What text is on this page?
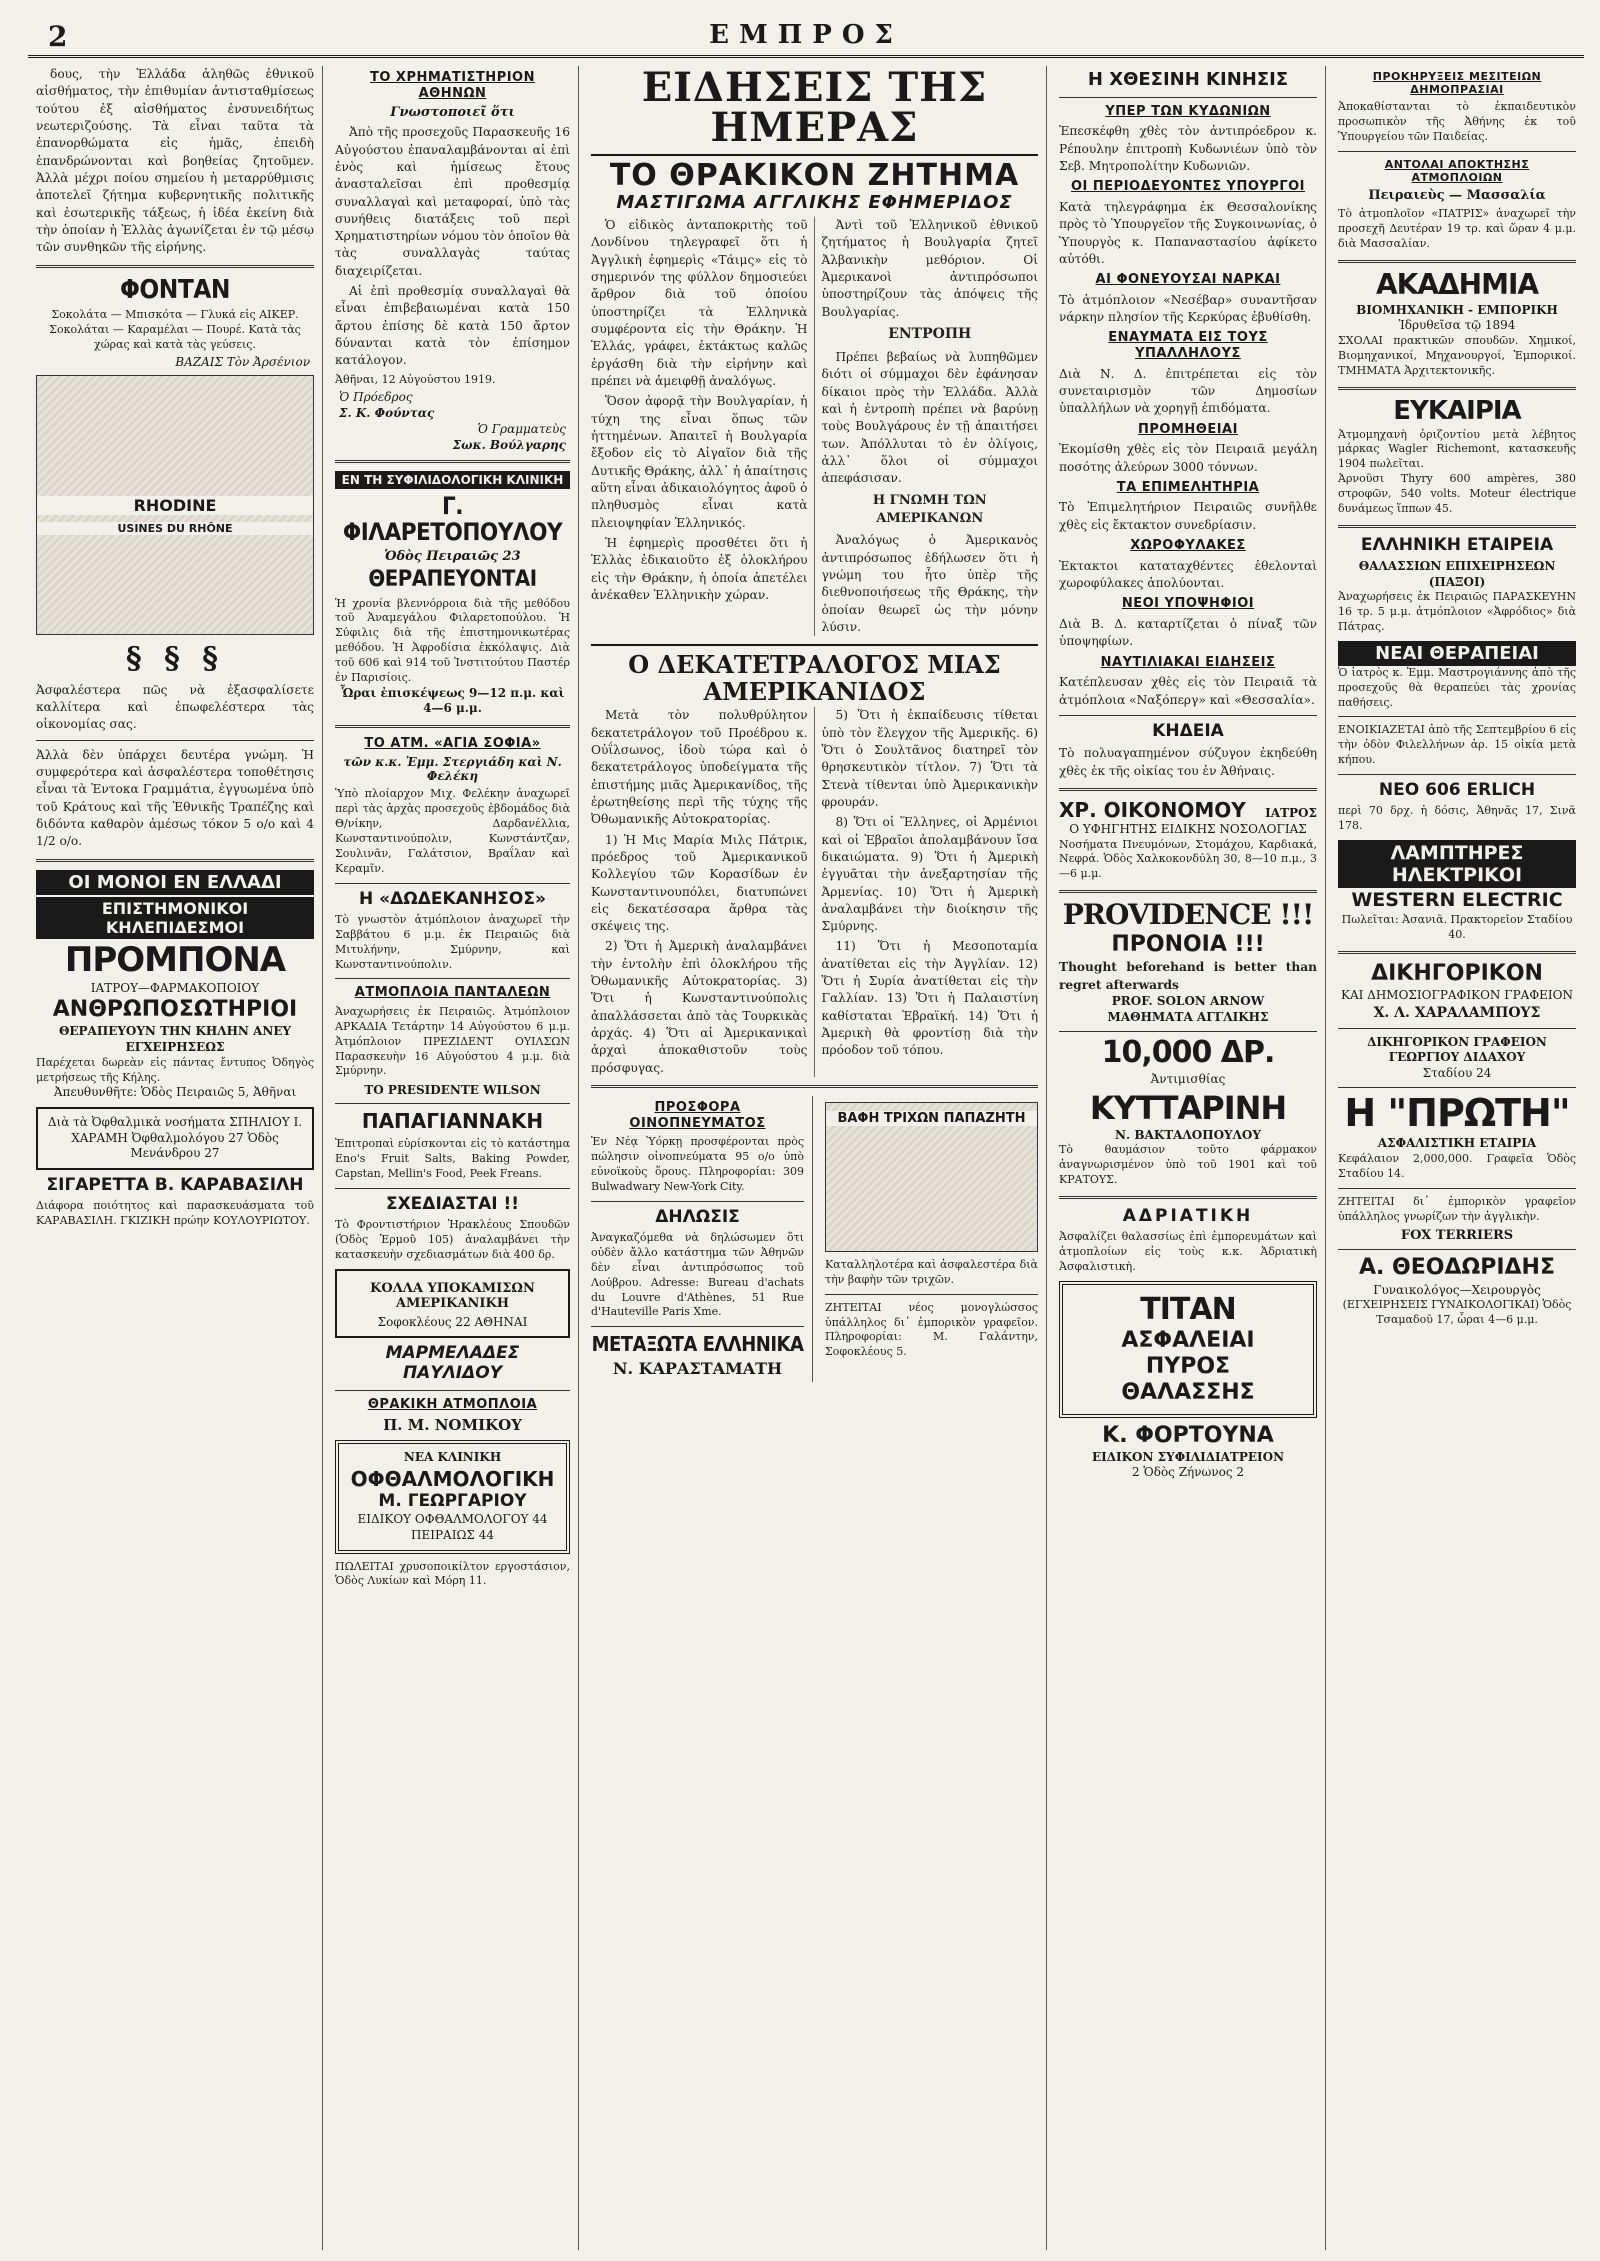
2	ΕΜΠΡΟΣ

δους, τὴν Ἑλλάδα ἀληθῶς ἐθνικοῦ αἰσθήματος, τὴν ἐπιθυμίαν ἀντισταθμίσεως τούτου ἐξ αἰσθήματος ἐνσυνειδήτως νεωτεριζούσης. Τὰ εἶναι ταῦτα τὰ ἐπανορθώματα εἰς ἡμᾶς, ἐπειδὴ ἐπανδρώνονται καὶ βοηθείας ζητοῦμεν. Ἀλλὰ μέχρι ποίου σημείου ἡ μεταρρύθμισις ἀποτελεῖ ζήτημα κυβερνητικῆς πολιτικῆς καὶ ἐσωτερικῆς τάξεως, ἡ ἰδέα ἐκείνη διὰ τὴν ὁποίαν ἡ Ἑλλὰς ἀγωνίζεται ἐν τῷ μέσῳ τῶν συνθηκῶν τῆς εἰρήνης.

ΦΟΝΤΑΝ
Σοκολάτα — Μπισκότα — Γλυκά εἰς ΑΙΚΕΡ. Σοκολάται — Καραμέλαι — Πουρέ. Κατὰ τὰς χώρας καὶ κατὰ τὰς γεύσεις.
ΒΑΖΑΙΣ Τὸν Ἀρσένιον
RHODINE
USINES DU RHÔNE
§ § §
Ἀσφαλέστερα πῶς νὰ ἐξασφαλίσετε καλλίτερα καὶ ἐπωφελέστερα τὰς οἰκονομίας σας.
Ἀλλὰ δὲν ὑπάρχει δευτέρα γνώμη. Ἡ συμφερότερα καὶ ἀσφαλέστερα τοποθέτησις εἶναι τὰ Ἐντοκα Γραμμάτια, ἐγγυωμένα ὑπὸ τοῦ Κράτους καὶ τῆς Ἐθνικῆς Τραπέζης καὶ διδόντα καθαρὸν ἀμέσως τόκον 5 ο/ο καὶ 4 1/2 ο/ο.
ΟΙ ΜΟΝΟΙ ΕΝ ΕΛΛΑΔΙ
ΕΠΙΣΤΗΜΟΝΙΚΟΙ ΚΗΛΕΠΙΔΕΣΜΟΙ
ΠΡΟΜΠΟΝΑ
ΙΑΤΡΟΥ—ΦΑΡΜΑΚΟΠΟΙΟΥ
ΑΝΘΡΩΠΟΣΩΤΗΡΙΟΙ
ΘΕΡΑΠΕΥΟΥΝ ΤΗΝ ΚΗΛΗΝ ΑΝΕΥ ΕΓΧΕΙΡΗΣΕΩΣ
Παρέχεται δωρεὰν εἰς πάντας ἔντυπος Ὀδηγὸς μετρήσεως τῆς Κήλης.
Ἀπευθυνθῆτε: Ὁδὸς Πειραιῶς 5, Ἀθῆναι
Διὰ τὰ Ὀφθαλμικὰ νοσήματα ΣΠΗΛΙΟΥ Ι. ΧΑΡΑΜΗ Ὀφθαλμολόγου 27 Ὁδὸς Μενάνδρου 27
ΣΙΓΑΡΕΤΤΑ Β. ΚΑΡΑΒΑΣΙΛΗ
Διάφορα ποιότητος καὶ παρασκευάσματα τοῦ ΚΑΡΑΒΑΣΙΛΗ. ΓΚΙΖΙΚΗ πρώην ΚΟΥΛΟΥΡΙΩΤΟΥ.
ΤΟ ΧΡΗΜΑΤΙΣΤΗΡΙΟΝ ΑΘΗΝΩΝ
Γνωστοποιεῖ ὅτι

Ἀπὸ τῆς προσεχοῦς Παρασκευῆς 16 Αὐγούστου ἐπαναλαμβάνονται αἱ ἐπὶ ἑνὸς καὶ ἡμίσεως ἔτους ἀνασταλεῖσαι ἐπὶ προθεσμίᾳ συναλλαγαὶ καὶ μεταφοραί, ὑπὸ τὰς συνήθεις διατάξεις τοῦ περὶ Χρηματιστηρίων νόμου τὸν ὁποῖον θὰ τὰς συναλλαγὰς ταύτας διαχειρίζεται.

Αἱ ἐπὶ προθεσμίᾳ συναλλαγαὶ θὰ εἶναι ἐπιβεβαιωμέναι κατὰ 150 ἄρτου ἐπίσης δὲ κατὰ 150 ἄρτον δύνανται κατὰ τὸν ἐπίσημον κατάλογον.

Ἀθῆναι, 12 Αὐγούστου 1919.
Ὁ Πρόεδρος
Σ. Κ. Φούντας
Ὁ Γραμματεὺς
Σωκ. Βούλγαρης
ΕΝ ΤΗ ΣΥΦΙΛΙΔΟΛΟΓΙΚΗ ΚΛΙΝΙΚΗ
Γ. ΦΙΛΑΡΕΤΟΠΟΥΛΟΥ
Ὁδὸς Πειραιῶς 23
ΘΕΡΑΠΕΥΟΝΤΑΙ
Ἡ χρονία βλεννόρροια διὰ τῆς μεθόδου τοῦ Ἀναμεγάλου Φιλαρετοπούλου. Ἡ Σύφιλις διὰ τῆς ἐπιστημονικωτέρας μεθόδου. Ἡ Ἀφροδίσια ἐκκόλαψις. Διὰ τοῦ 606 καὶ 914 τοῦ Ἰνστιτούτου Παστέρ ἐν Παρισίοις.
Ὧραι ἐπισκέψεως 9—12 π.μ. καὶ 4—6 μ.μ.
ΤΟ ΑΤΜ. «ΑΓΙΑ ΣΟΦΙΑ»
τῶν κ.κ. Ἐμμ. Στεργιάδη καὶ Ν. Φελέκη
Ὑπὸ πλοίαρχον Μιχ. Φελέκην ἀναχωρεῖ περὶ τὰς ἀρχὰς προσεχοῦς ἑβδομάδος διὰ Θ/νίκην, Δαρδανέλλια, Κωνσταντινούπολιν, Κωνστάντζαν, Σουλινᾶν, Γαλάτσιον, Βραΐλαν καὶ Κεραμῖν.
Η «ΔΩΔΕΚΑΝΗΣΟΣ»
Τὸ γνωστὸν ἀτμόπλοιον ἀναχωρεῖ τὴν Σαββάτου 6 μ.μ. ἐκ Πειραιῶς διὰ Μιτυλήνην, Σμύρνην, καὶ Κωνσταντινούπολιν.
ΑΤΜΟΠΛΟΙΑ ΠΑΝΤΑΛΕΩΝ
Ἀναχωρήσεις ἐκ Πειραιῶς. Ἀτμόπλοιον ΑΡΚΑΔΙΑ Τετάρτην 14 Αὐγούστου 6 μ.μ. Ἀτμόπλοιον ΠΡΕΖΙΔΕΝΤ ΟΥΙΛΣΩΝ Παρασκευὴν 16 Αὐγούστου 4 μ.μ. διὰ Σμύρνην.
ΤΟ PRESIDENTE WILSON
ΠΑΠΑΓΙΑΝΝΑΚΗ
Ἐπιτροπαὶ εὑρίσκονται εἰς τὸ κατάστημα Eno's Fruit Salts, Baking Powder, Capstan, Mellin's Food, Peek Freans.
ΣΧΕΔΙΑΣΤΑΙ !!
Τὸ Φροντιστήριον Ἡρακλέους Σπουδῶν (Ὁδὸς Ἑρμοῦ 105) ἀναλαμβάνει τὴν κατασκευὴν σχεδιασμάτων διὰ 400 δρ.
ΚΟΛΛΑ ΥΠΟΚΑΜΙΣΩΝ ΑΜΕΡΙΚΑΝΙΚΗ
Σοφοκλέους 22 ΑΘΗΝΑΙ
ΜΑΡΜΕΛΑΔΕΣ ΠΑΥΛΙΔΟΥ
ΘΡΑΚΙΚΗ ΑΤΜΟΠΛΟΙΑ
Π. Μ. ΝΟΜΙΚΟΥ
ΝΕΑ ΚΛΙΝΙΚΗ
ΟΦΘΑΛΜΟΛΟΓΙΚΗ
Μ. ΓΕΩΡΓΑΡΙΟΥ
ΕΙΔΙΚΟΥ ΟΦΘΑΛΜΟΛΟΓΟΥ 44 ΠΕΙΡΑΙΩΣ 44
ΠΩΛΕΙΤΑΙ χρυσοποικίλτον εργοστάσιον, Ὁδὸς Λυκίων καὶ Μόρη 11.
ΕΙΔΗΣΕΙΣ ΤΗΣ ΗΜΕΡΑΣ
ΤΟ ΘΡΑΚΙΚΟΝ ΖΗΤΗΜΑ
ΜΑΣΤΙΓΩΜΑ ΑΓΓΛΙΚΗΣ ΕΦΗΜΕΡΙΔΟΣ

Ὁ εἰδικὸς ἀνταποκριτὴς τοῦ Λονδίνου τηλεγραφεῖ ὅτι ἡ Ἀγγλικὴ ἐφημερὶς «Τάιμς» εἰς τὸ σημερινόν της φύλλον δημοσιεύει ἄρθρον διὰ τοῦ ὁποίου ὑποστηρίζει τὰ Ἑλληνικὰ συμφέροντα εἰς τὴν Θράκην. Ἡ Ἑλλάς, γράφει, ἐκτάκτως καλῶς ἐργάσθη διὰ τὴν εἰρήνην καὶ πρέπει νὰ ἀμειφθῇ ἀναλόγως.

Ὅσον ἀφορᾷ τὴν Βουλγαρίαν, ἡ τύχη της εἶναι ὅπως τῶν ἡττημένων. Ἀπαιτεῖ ἡ Βουλγαρία ἔξοδον εἰς τὸ Αἰγαῖον διὰ τῆς Δυτικῆς Θράκης, ἀλλ᾽ ἡ ἀπαίτησις αὕτη εἶναι ἀδικαιολόγητος ἀφοῦ ὁ πληθυσμὸς εἶναι κατὰ πλειοψηφίαν Ἑλληνικός.

Ἡ ἐφημερὶς προσθέτει ὅτι ἡ Ἑλλὰς ἐδικαιοῦτο ἐξ ὁλοκλήρου εἰς τὴν Θράκην, ἡ ὁποία ἀπετέλει ἀνέκαθεν Ἑλληνικὴν χώραν.

Ἀντὶ τοῦ Ἑλληνικοῦ ἐθνικοῦ ζητήματος ἡ Βουλγαρία ζητεῖ Ἀλβανικὴν μεθόριον. Οἱ Ἀμερικανοὶ ἀντιπρόσωποι ὑποστηρίζουν τὰς ἀπόψεις τῆς Βουλγαρίας.

ΕΝΤΡΟΠΗ

Πρέπει βεβαίως νὰ λυπηθῶμεν διότι οἱ σύμμαχοι δὲν ἐφάνησαν δίκαιοι πρὸς τὴν Ἑλλάδα. Ἀλλὰ καὶ ἡ ἐντροπὴ πρέπει νὰ βαρύνῃ τοὺς Βουλγάρους ἐν τῇ ἀπαιτήσει των. Ἀπόλλυται τὸ ἐν ὀλίγοις, ἀλλ᾽ ὅλοι οἱ σύμμαχοι ἀπεφάσισαν.

Η ΓΝΩΜΗ ΤΩΝ ΑΜΕΡΙΚΑΝΩΝ

Ἀναλόγως ὁ Ἀμερικανὸς ἀντιπρόσωπος ἐδήλωσεν ὅτι ἡ γνώμη του ἦτο ὑπὲρ τῆς διεθνοποιήσεως τῆς Θράκης, τὴν ὁποίαν θεωρεῖ ὡς τὴν μόνην λύσιν.

Ο ΔΕΚΑΤΕΤΡΑΛΟΓΟΣ ΜΙΑΣ ΑΜΕΡΙΚΑΝΙΔΟΣ

Μετὰ τὸν πολυθρύλητον δεκατετράλογον τοῦ Προέδρου κ. Οὐΐλσωνος, ἰδοὺ τώρα καὶ ὁ δεκατετράλογος ὑποδείγματα τῆς ἐπιστήμης μιᾶς Ἀμερικανίδος, τῆς ἐρωτηθείσης περὶ τῆς τύχης τῆς Ὀθωμανικῆς Αὐτοκρατορίας.

1) Ἡ Μις Μαρία Μιλς Πάτρικ, πρόεδρος τοῦ Ἀμερικανικοῦ Κολλεγίου τῶν Κορασίδων ἐν Κωνσταντινουπόλει, διατυπώνει εἰς δεκατέσσαρα ἄρθρα τὰς σκέψεις της.

2) Ὅτι ἡ Ἀμερικὴ ἀναλαμβάνει τὴν ἐντολὴν ἐπὶ ὁλοκλήρου τῆς Ὀθωμανικῆς Αὐτοκρατορίας. 3) Ὅτι ἡ Κωνσταντινούπολις ἀπαλλάσσεται ἀπὸ τὰς Τουρκικὰς ἀρχάς. 4) Ὅτι αἱ Ἀμερικανικαὶ ἀρχαὶ ἀποκαθιστοῦν τοὺς πρόσφυγας.

5) Ὅτι ἡ ἐκπαίδευσις τίθεται ὑπὸ τὸν ἔλεγχον τῆς Ἀμερικῆς. 6) Ὅτι ὁ Σουλτᾶνος διατηρεῖ τὸν θρησκευτικὸν τίτλον. 7) Ὅτι τὰ Στενὰ τίθενται ὑπὸ Ἀμερικανικὴν φρουράν.

8) Ὅτι οἱ Ἕλληνες, οἱ Ἀρμένιοι καὶ οἱ Ἑβραῖοι ἀπολαμβάνουν ἴσα δικαιώματα. 9) Ὅτι ἡ Ἀμερικὴ ἐγγυᾶται τὴν ἀνεξαρτησίαν τῆς Ἀρμενίας. 10) Ὅτι ἡ Ἀμερικὴ ἀναλαμβάνει τὴν διοίκησιν τῆς Σμύρνης.

11) Ὅτι ἡ Μεσοποταμία ἀνατίθεται εἰς τὴν Ἀγγλίαν. 12) Ὅτι ἡ Συρία ἀνατίθεται εἰς τὴν Γαλλίαν. 13) Ὅτι ἡ Παλαιστίνη καθίσταται Ἑβραϊκή. 14) Ὅτι ἡ Ἀμερικὴ θὰ φροντίσῃ διὰ τὴν πρόοδον τοῦ τόπου.

ΠΡΟΣΦΟΡΑ ΟΙΝΟΠΝΕΥΜΑΤΟΣ
Ἐν Νέᾳ Ὑόρκῃ προσφέρονται πρὸς πώλησιν οἰνοπνεύματα 95 ο/ο ὑπὸ εὐνοϊκοὺς ὅρους. Πληροφορίαι: 309 Bulwadwary New-York City.
ΔΗΛΩΣΙΣ
Ἀναγκαζόμεθα νὰ δηλώσωμεν ὅτι οὐδὲν ἄλλο κατάστημα τῶν Ἀθηνῶν δὲν εἶναι ἀντιπρόσωπος τοῦ Λούβρου. Adresse: Bureau d'achats du Louvre d'Athènes, 51 Rue d'Hauteville Paris Xme.
ΜΕΤΑΞΩΤΑ ΕΛΛΗΝΙΚΑ
Ν. ΚΑΡΑΣΤΑΜΑΤΗ
ΒΑΦΗ ΤΡΙΧΩΝ ΠΑΠΑΖΗΤΗ
Καταλληλοτέρα καὶ ἀσφαλεστέρα διὰ τὴν βαφὴν τῶν τριχῶν.
ΖΗΤΕΙΤΑΙ νέος μονογλώσσος ὑπάλληλος δι᾽ ἐμπορικὸν γραφεῖον. Πληροφορίαι: Μ. Γαλάντην, Σοφοκλέους 5.
Η ΧΘΕΣΙΝΗ ΚΙΝΗΣΙΣ
ΥΠΕΡ ΤΩΝ ΚΥΔΩΝΙΩΝ
Ἐπεσκέφθη χθὲς τὸν ἀντιπρόεδρον κ. Ρέπουλην ἐπιτροπὴ Κυδωνιέων ὑπὸ τὸν Σεβ. Μητροπολίτην Κυδωνιῶν.
ΟΙ ΠΕΡΙΟΔΕΥΟΝΤΕΣ ΥΠΟΥΡΓΟΙ
Κατὰ τηλεγράφημα ἐκ Θεσσαλονίκης πρὸς τὸ Ὑπουργεῖον τῆς Συγκοινωνίας, ὁ Ὑπουργὸς κ. Παπαναστασίου ἀφίκετο αὐτόθι.
ΑΙ ΦΟΝΕΥΟΥΣΑΙ ΝΑΡΚΑΙ
Τὸ ἀτμόπλοιον «Νεσέβαρ» συναντῆσαν νάρκην πλησίον τῆς Κερκύρας ἐβυθίσθη.
ΕΝΑΥΜΑΤΑ ΕΙΣ ΤΟΥΣ ΥΠΑΛΛΗΛΟΥΣ
Διὰ Ν. Δ. ἐπιτρέπεται εἰς τὸν συνεταιρισμὸν τῶν Δημοσίων ὑπαλλήλων νὰ χορηγῇ ἐπιδόματα.
ΠΡΟΜΗΘΕΙΑΙ
Ἐκομίσθη χθὲς εἰς τὸν Πειραιᾶ μεγάλη ποσότης ἀλεύρων 3000 τόννων.
ΤΑ ΕΠΙΜΕΛΗΤΗΡΙΑ
Τὸ Ἐπιμελητήριον Πειραιῶς συνῆλθε χθὲς εἰς ἔκτακτον συνεδρίασιν.
ΧΩΡΟΦΥΛΑΚΕΣ
Ἐκτακτοι καταταχθέντες ἐθελονταὶ χωροφύλακες ἀπολύονται.
ΝΕΟΙ ΥΠΟΨΗΦΙΟΙ
Διὰ Β. Δ. καταρτίζεται ὁ πίναξ τῶν ὑποψηφίων.
ΝΑΥΤΙΛΙΑΚΑΙ ΕΙΔΗΣΕΙΣ
Κατέπλευσαν χθὲς εἰς τὸν Πειραιᾶ τὰ ἀτμόπλοια «Ναξόπεργ» καὶ «Θεσσαλία».
ΚΗΔΕΙΑ
Τὸ πολυαγαπημένον σύζυγον ἐκηδεύθη χθὲς ἐκ τῆς οἰκίας του ἐν Ἀθήναις.
ΧΡ. ΟΙΚΟΝΟΜΟΥ ΙΑΤΡΟΣ
Ο ΥΦΗΓΗΤΗΣ ΕΙΔΙΚΗΣ ΝΟΣΟΛΟΓΙΑΣ
Νοσήματα Πνευμόνων, Στομάχου, Καρδιακά, Νεφρά. Ὁδὸς Χαλκοκονδύλη 30, 8—10 π.μ., 3—6 μ.μ.
PROVIDENCE !!!
ΠΡΟΝΟΙΑ !!!
Thought beforehand is better than regret afterwards
PROF. SOLON ARNOW
ΜΑΘΗΜΑΤΑ ΑΓΓΛΙΚΗΣ
10,000 ΔΡ.
Ἀντιμισθίας
ΚΥΤΤΑΡΙΝΗ
Ν. ΒΑΚΤΑΛΟΠΟΥΛΟΥ
Τὸ θαυμάσιον τοῦτο φάρμακον ἀναγνωρισμένον ὑπὸ τοῦ 1901 καὶ τοῦ ΚΡΑΤΟΥΣ.
ΑΔΡΙΑΤΙΚΗ
Ἀσφαλίζει θαλασσίως ἐπὶ ἐμπορευμάτων καὶ ἀτμοπλοίων εἰς τοὺς κ.κ. Ἀδριατικὴ Ἀσφαλιστικὴ.
ΤΙΤΑΝ
ΑΣΦΑΛΕΙΑΙ
ΠΥΡΟΣ
ΘΑΛΑΣΣΗΣ
Κ. ΦΟΡΤΟΥΝΑ
ΕΙΔΙΚΟΝ ΣΥΦΙΛΙΔΙΑΤΡΕΙΟΝ
2 Ὁδὸς Ζήνωνος 2
ΠΡΟΚΗΡΥΞΕΙΣ ΜΕΣΙΤΕΙΩΝ ΔΗΜΟΠΡΑΣΙΑΙ
Ἀποκαθίστανται τὸ ἐκπαιδευτικὸν προσωπικὸν τῆς Ἀθήνης ἐκ τοῦ Ὑπουργείου τῶν Παιδείας.
ΑΝΤΟΛΑΙ ΑΠΟΚΤΗΣΗΣ ΑΤΜΟΠΛΟΙΩΝ
Πειραιεὺς — Μασσαλία
Τὸ ἀτμοπλοῖον «ΠΑΤΡΙΣ» ἀναχωρεῖ τὴν προσεχῆ Δευτέραν 19 τρ. καὶ ὥραν 4 μ.μ. διὰ Μασσαλίαν.
ΑΚΑΔΗΜΙΑ
ΒΙΟΜΗΧΑΝΙΚΗ - ΕΜΠΟΡΙΚΗ
Ἱδρυθεῖσα τῷ 1894
ΣΧΟΛΑΙ πρακτικῶν σπουδῶν. Χημικοί, Βιομηχανικοί, Μηχανουργοί, Ἐμπορικοί. ΤΜΗΜΑΤΑ Ἀρχιτεκτονικῆς.
ΕΥΚΑΙΡΙΑ
Ἀτμομηχανὴ ὁριζοντίου μετὰ λέβητος μάρκας Wagler Richemont, κατασκευῆς 1904 πωλεῖται.
Ἀρνοῦσι Thyry 600 ampères, 380 στροφῶν, 540 volts. Moteur électrique δυνάμεως ἵππων 45.
ΕΛΛΗΝΙΚΗ ΕΤΑΙΡΕΙΑ
ΘΑΛΑΣΣΙΩΝ ΕΠΙΧΕΙΡΗΣΕΩΝ (ΠΑΞΟΙ)
Ἀναχωρήσεις ἐκ Πειραιῶς ΠΑΡΑΣΚΕΥΗΝ 16 τρ. 5 μ.μ. ἀτμόπλοιον «Ἀφρόδιος» διὰ Πάτρας.
ΝΕΑΙ ΘΕΡΑΠΕΙΑΙ
Ὁ ἰατρὸς κ. Ἐμμ. Μαστρογιάννης ἀπὸ τῆς προσεχοῦς θὰ θεραπεύει τὰς χρονίας παθήσεις.
ΕΝΟΙΚΙΑΖΕΤΑΙ ἀπὸ τῆς Σεπτεμβρίου 6 εἰς τὴν ὁδὸν Φιλελλήνων ἀρ. 15 οἰκία μετὰ κήπου.
ΝΕΟ 606 ERLICH
περὶ 70 δρχ. ἡ δόσις, Ἀθηνᾶς 17, Σινᾶ 178.
ΛΑΜΠΤΗΡΕΣ ΗΛΕΚΤΡΙΚΟΙ
WESTERN ELECTRIC
Πωλεῖται: Ἀσανιᾶ. Πρακτορεῖον Σταδίου 40.
ΔΙΚΗΓΟΡΙΚΟΝ
ΚΑΙ ΔΗΜΟΣΙΟΓΡΑΦΙΚΟΝ ΓΡΑΦΕΙΟΝ
Χ. Λ. ΧΑΡΑΛΑΜΠΟΥΣ
ΔΙΚΗΓΟΡΙΚΟΝ ΓΡΑΦΕΙΟΝ ΓΕΩΡΓΙΟΥ ΔΙΔΑΧΟΥ
Σταδίου 24
Η "ΠΡΩΤΗ"
ΑΣΦΑΛΙΣΤΙΚΗ ΕΤΑΙΡΙΑ
Κεφάλαιον 2,000,000. Γραφεῖα Ὁδὸς Σταδίου 14.
ΖΗΤΕΙΤΑΙ δι᾽ ἐμπορικὸν γραφεῖον ὑπάλληλος γνωρίζων τὴν ἀγγλικὴν.
FOX TERRIERS
Α. ΘΕΟΔΩΡΙΔΗΣ
Γυναικολόγος—Χειρουργὸς
(ΕΓΧΕΙΡΗΣΕΙΣ ΓΥΝΑΙΚΟΛΟΓΙΚΑΙ) Ὁδὸς Τσαμαδοῦ 17, ὧραι 4—6 μ.μ.
